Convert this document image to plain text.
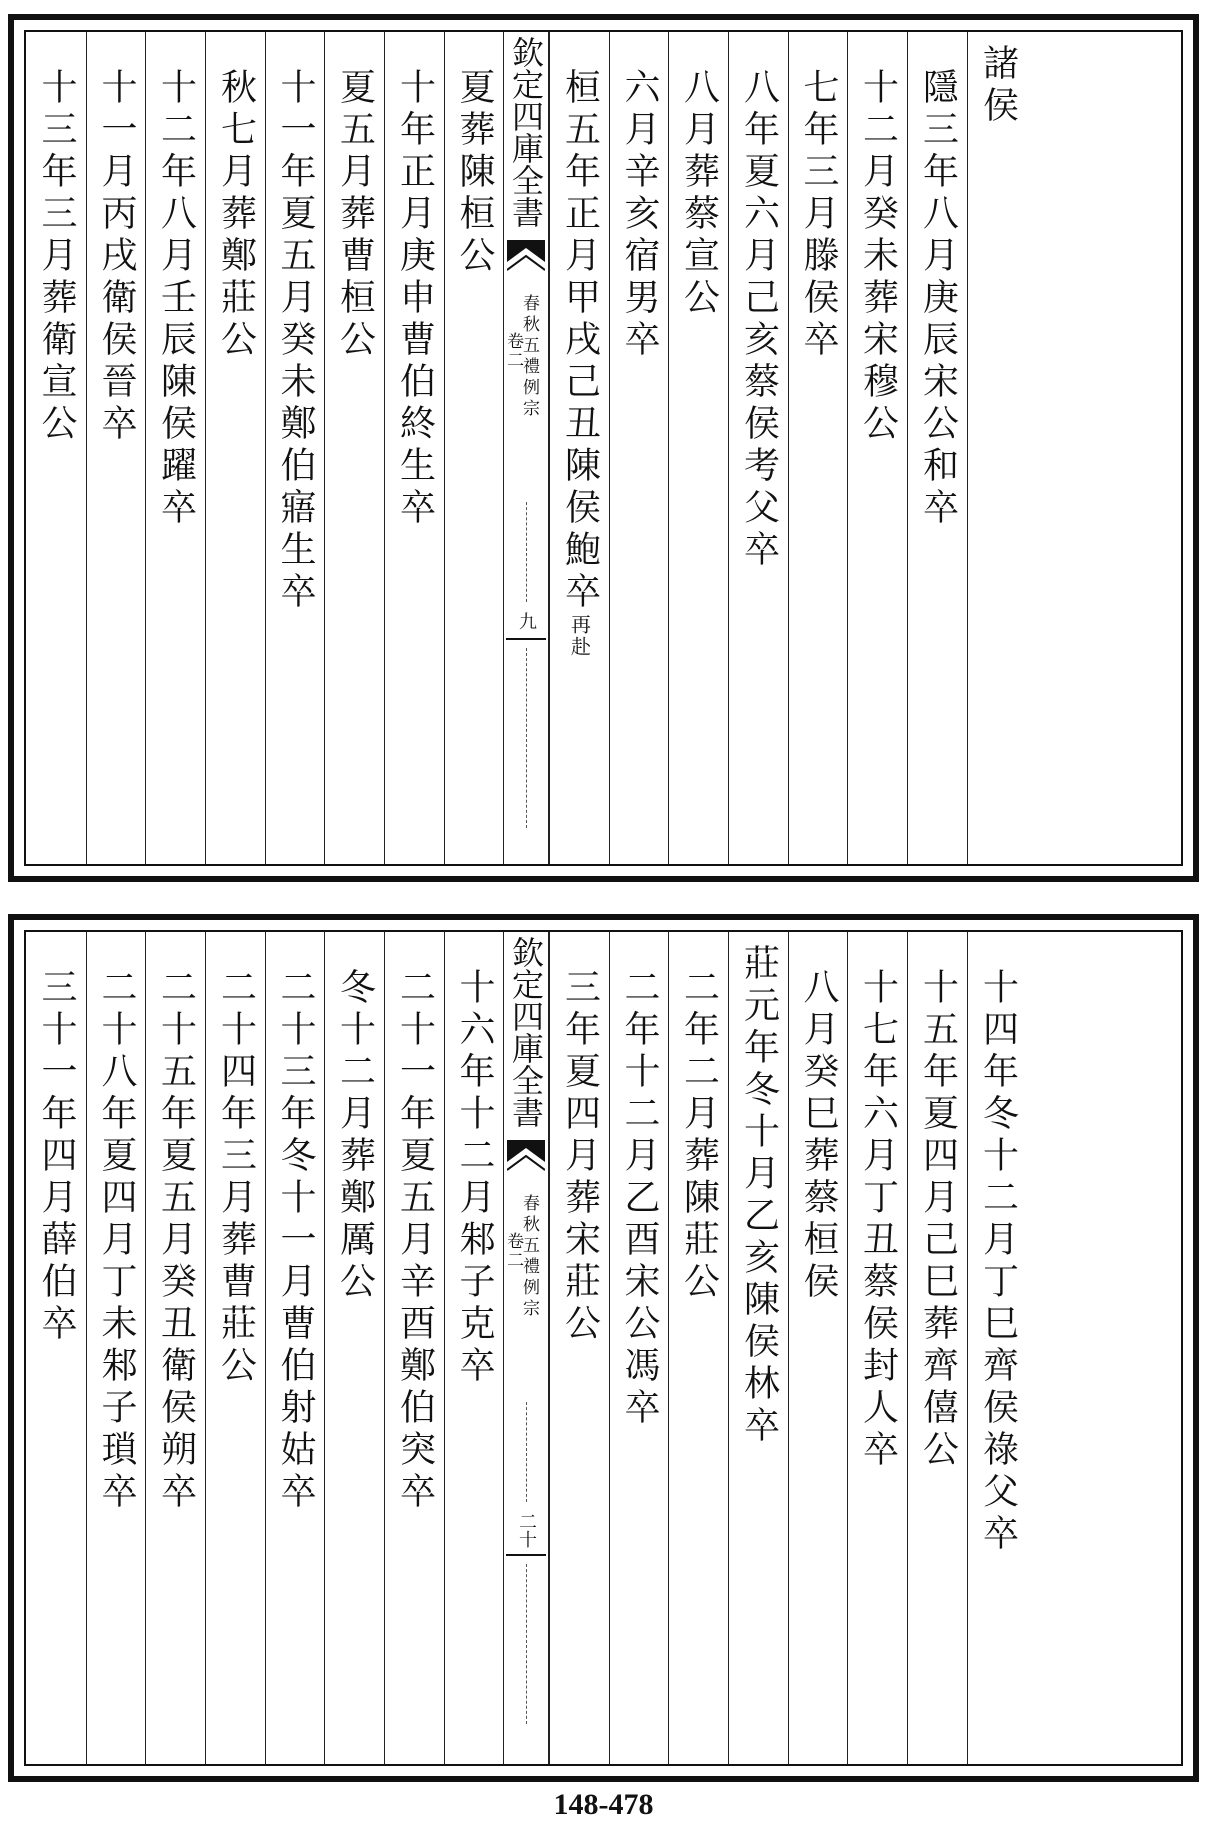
十三年三月葬衛宣公 十一月丙戌衛侯晉卒 十二年八月壬辰陳侯躍卒 秋七月葬鄭莊公 十一年夏五月癸未鄭伯寤生卒 夏五月葬曹桓公 十年正月庚申曹伯終生卒 夏葬陳桓公 欽定四庫全書
春秋五禮例宗
卷二
九
桓五年正月甲戌己丑陳侯鮑卒再赴
六月辛亥宿男卒 八月葬蔡宣公 八年夏六月己亥蔡侯考父卒 七年三月滕侯卒 十二月癸未葬宋穆公 隱三年八月庚辰宋公和卒 諸侯
三十一年四月薛伯卒 二十八年夏四月丁未邾子瑣卒 二十五年夏五月癸丑衛侯朔卒 二十四年三月葬曹莊公 二十三年冬十一月曹伯射姑卒 冬十二月葬鄭厲公 二十一年夏五月辛酉鄭伯突卒 十六年十二月邾子克卒 欽定四庫全書
春秋五禮例宗
卷二
二十
三年夏四月葬宋莊公 二年十二月乙酉宋公馮卒 二年二月葬陳莊公 莊元年冬十月乙亥陳侯林卒 八月癸巳葬蔡桓侯 十七年六月丁丑蔡侯封人卒 十五年夏四月己巳葬齊僖公 十四年冬十二月丁巳齊侯祿父卒
148-478
